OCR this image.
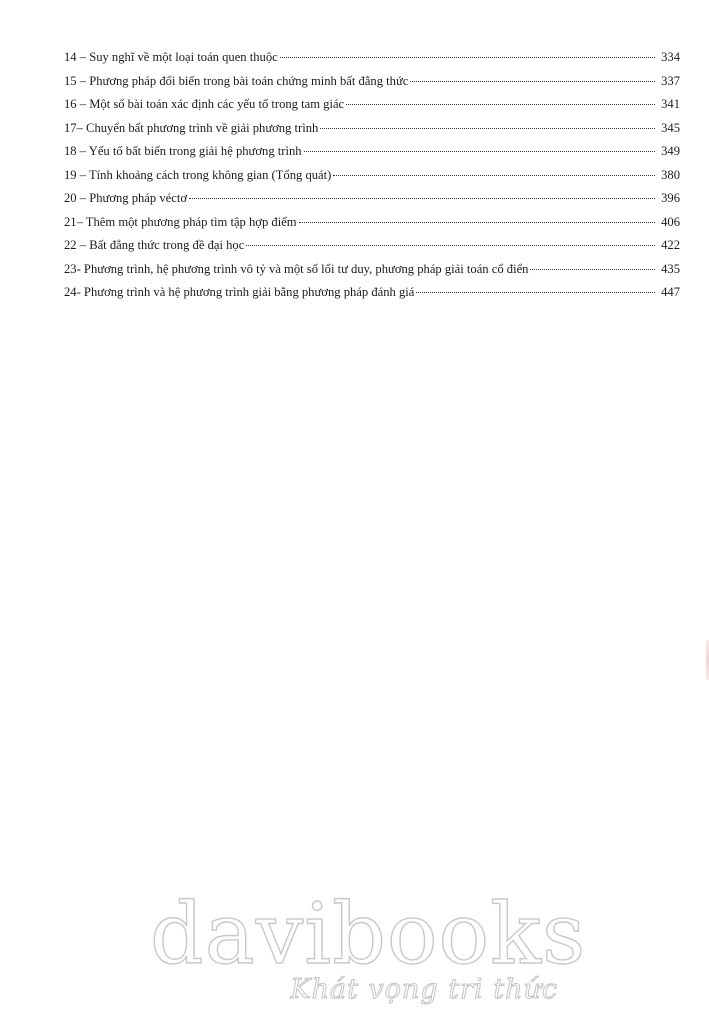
14 – Suy nghĩ về một loại toán quen thuộc	334
15 – Phương pháp đổi biến trong bài toán chứng minh bất đẳng thức	337
16 – Một số bài toán xác định các yếu tố trong tam giác	341
17– Chuyển bất phương trình về giải phương trình	345
18 – Yếu tố bất biến trong giải hệ phương trình	349
19 – Tính khoảng cách trong không gian (Tổng quát)	380
20 – Phương pháp véctơ	396
21– Thêm một phương pháp tìm tập hợp điểm	406
22 – Bất đẳng thức trong đề đại học	422
23- Phương trình, hệ phương trình vô tỷ và một số lối tư duy, phương pháp giải toán cổ điển	435
24- Phương trình và hệ phương trình giải bằng phương pháp đánh giá	447
davibooks
Khát vọng tri thức
